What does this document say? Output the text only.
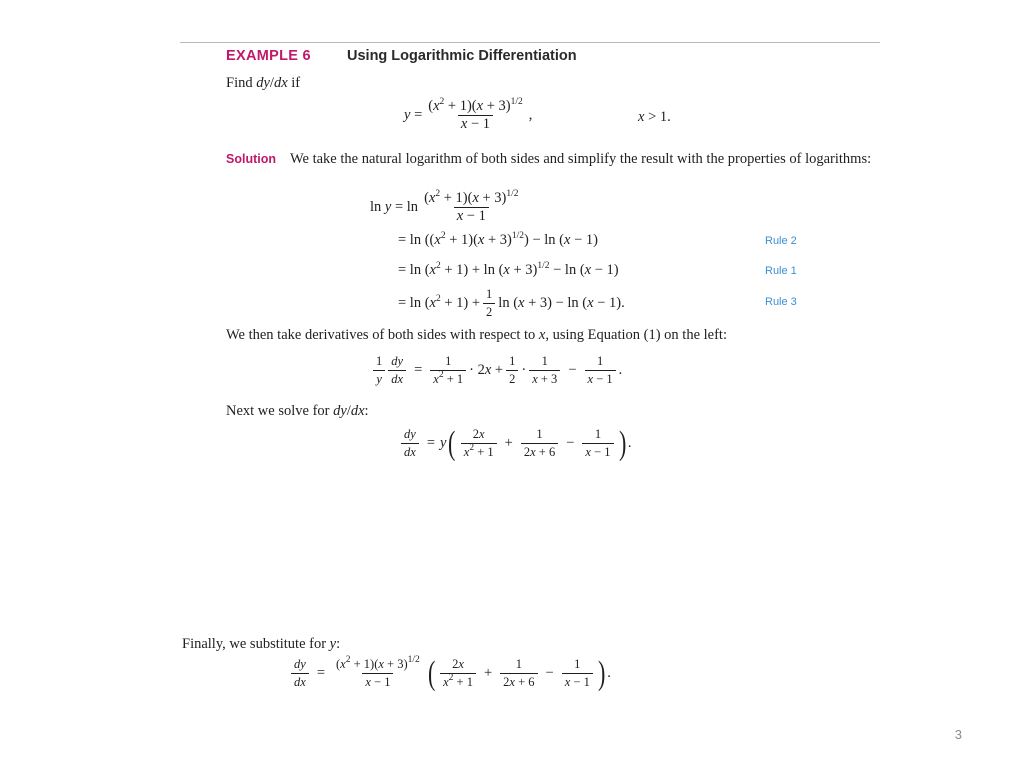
EXAMPLE 6 Using Logarithmic Differentiation
Find dy/dx if
$y = \frac{(x^2 + 1)(x + 3)^{1/2}}{x - 1}$ ,	x > 1.
Solution We take the natural logarithm of both sides and simplify the result with the properties of logarithms:
$\ln y = \ln \frac{(x^2 + 1)(x + 3)^{1/2}}{x - 1}$
= $\ln ((x^2 + 1)(x + 3)^{1/2}) - \ln (x - 1)$	Rule 2
= $\ln (x^2 + 1) + \ln (x + 3)^{1/2} - \ln (x - 1)$	Rule 1
= $\ln (x^2 + 1) + \frac{1}{2}$ ln (x + 3) − ln (x − 1).	Rule 3
We then take derivatives of both sides with respect to x, using Equation (1) on the left:
$\frac{1}{y} \frac{dy}{dx} = \frac{1}{x^2 + 1} \cdot 2x + \frac{1}{2} \cdot \frac{1}{x + 3} - \frac{1}{x - 1}$ .
Next we solve for dy/dx:
$\frac{dy}{dx} = y$ ( $\frac{2x}{x^2 + 1} + \frac{1}{2x + 6} - \frac{1}{x - 1}$ ) .
Finally, we substitute for y:
$\frac{dy}{dx} = \frac{(x^2 + 1)(x + 3)^{1/2}}{x - 1}$ ( $\frac{2x}{x^2 + 1} + \frac{1}{2x + 6} - \frac{1}{x - 1}$ ) .
3
